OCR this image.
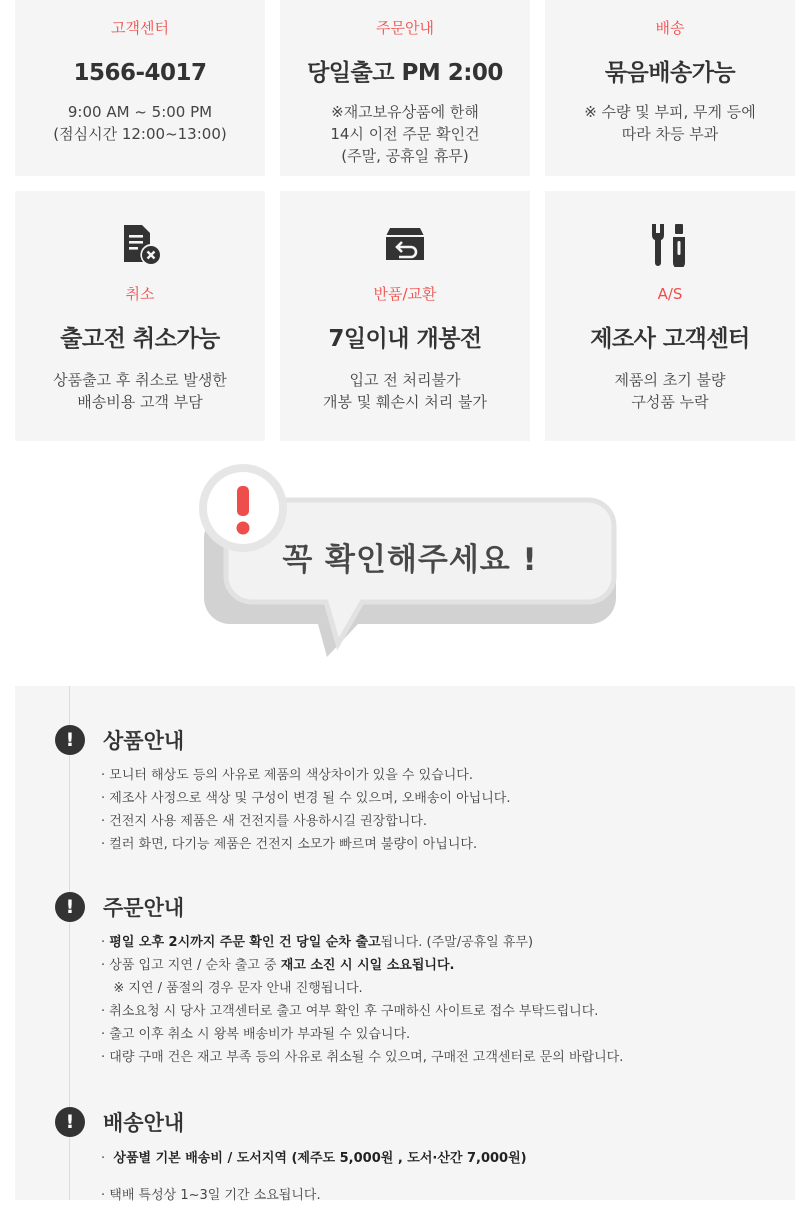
고객센터
1566-4017
9:00 AM ~ 5:00 PM
(점심시간 12:00~13:00)
주문안내
당일출고 PM 2:00
※재고보유상품에 한해
14시 이전 주문 확인건
(주말, 공휴일 휴무)
배송
묶음배송가능
※ 수량 및 부피, 무게 등에
따라 차등 부과
취소
출고전 취소가능
상품출고 후 취소로 발생한
배송비용 고객 부담
반품/교환
7일이내 개봉전
입고 전 처리불가
개봉 및 훼손시 처리 불가
A/S
제조사 고객센터
제품의 초기 불량
구성품 누락
꼭 확인해주세요 !
!	상품안내
· 모니터 해상도 등의 사유로 제품의 색상차이가 있을 수 있습니다.
· 제조사 사정으로 색상 및 구성이 변경 될 수 있으며, 오배송이 아닙니다.
· 건전지 사용 제품은 새 건전지를 사용하시길 권장합니다.
· 컬러 화면, 다기능 제품은 건전지 소모가 빠르며 불량이 아닙니다.
!	주문안내
· 평일 오후 2시까지 주문 확인 건 당일 순차 출고됩니다. (주말/공휴일 휴무)
· 상품 입고 지연 / 순차 출고 중 재고 소진 시 시일 소요됩니다.
※ 지연 / 품절의 경우 문자 안내 진행됩니다.
· 취소요청 시 당사 고객센터로 출고 여부 확인 후 구매하신 사이트로 접수 부탁드립니다.
· 출고 이후 취소 시 왕복 배송비가 부과될 수 있습니다.
· 대량 구매 건은 재고 부족 등의 사유로 취소될 수 있으며, 구매전 고객센터로 문의 바랍니다.
!	배송안내
·  상품별 기본 배송비 / 도서지역 (제주도 5,000원 , 도서·산간 7,000원)
· 택배 특성상 1~3일 기간 소요됩니다.
